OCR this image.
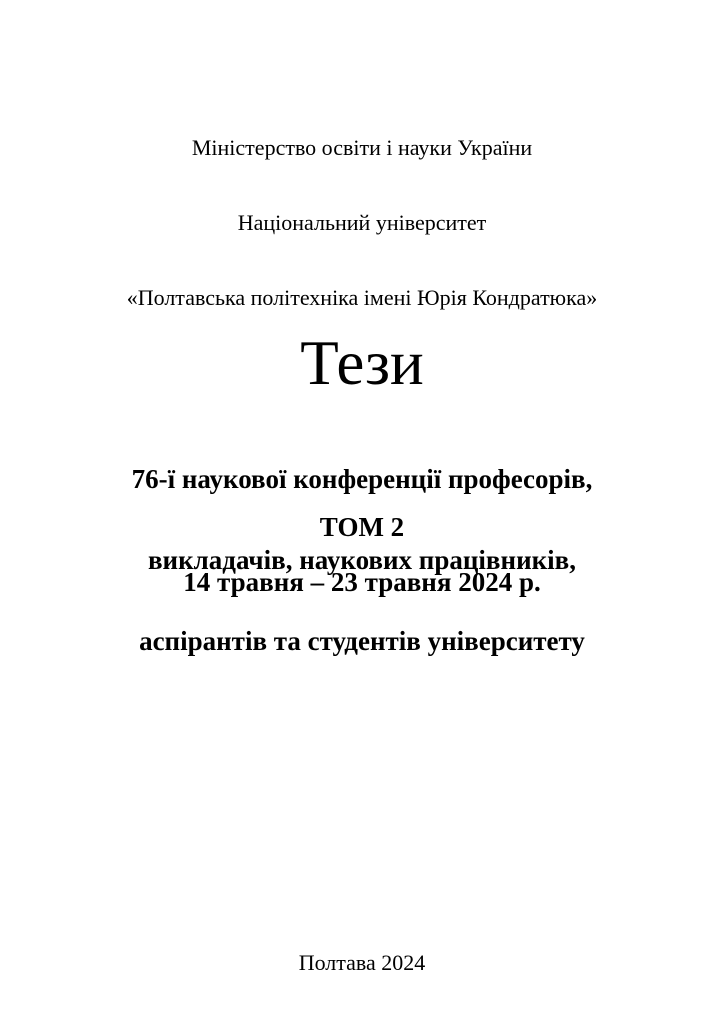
Міністерство освіти і науки України

Національний університет

«Полтавська політехніка імені Юрія Кондратюка»

Тези

76-ї наукової конференції професорів,

викладачів, наукових працівників,

аспірантів та студентів університету

ТОМ 2
14 травня – 23 травня 2024 р.
Полтава 2024
